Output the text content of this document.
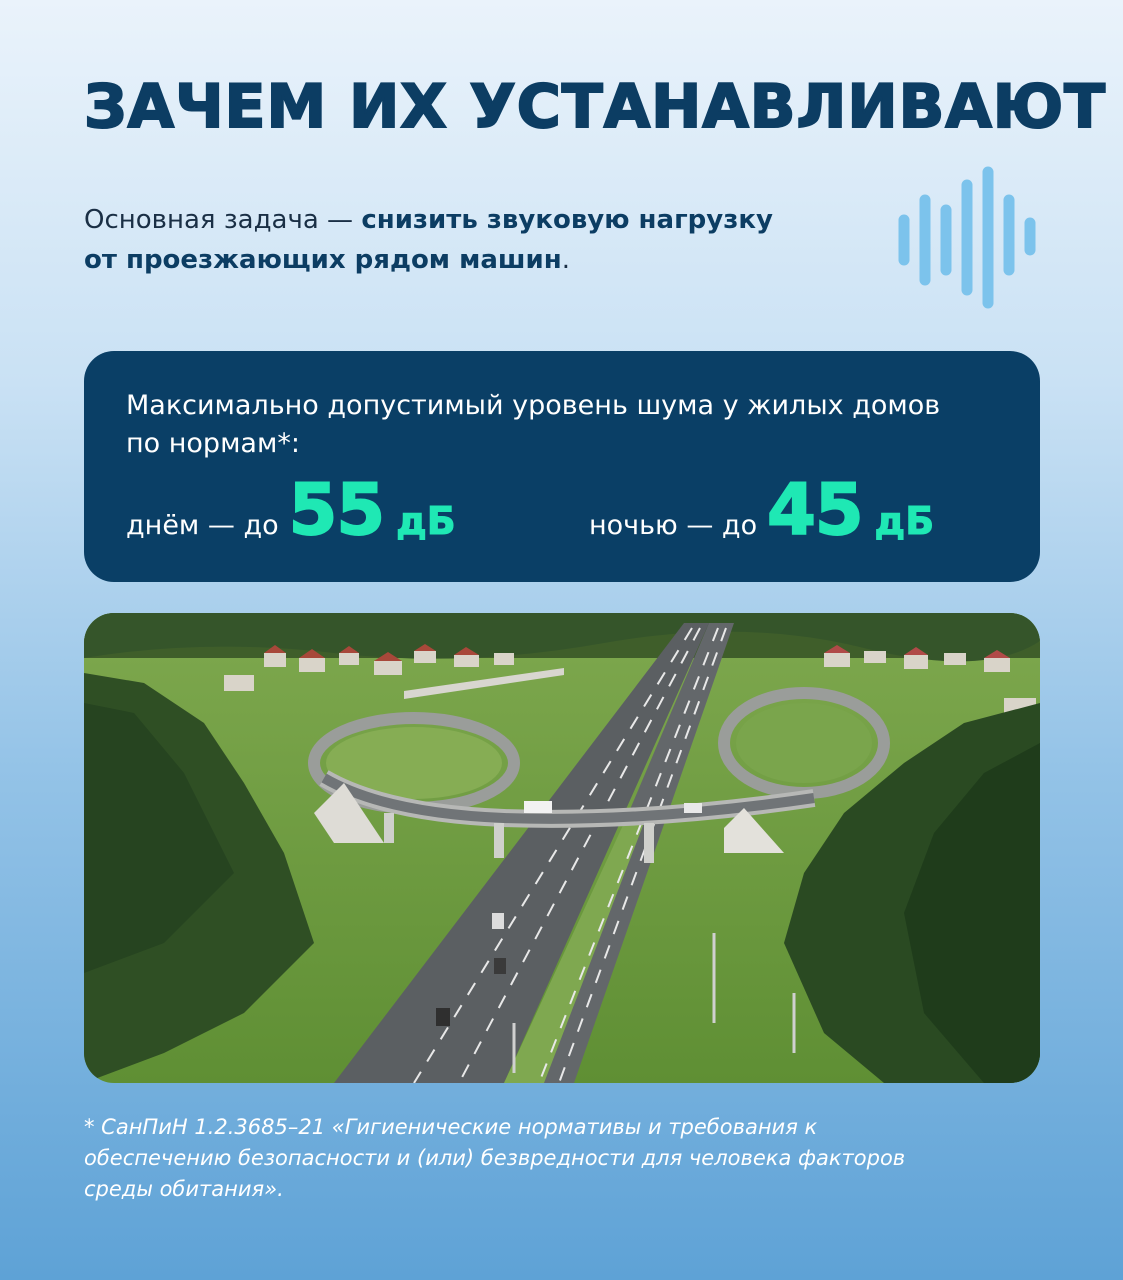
ЗАЧЕМ ИХ УСТАНАВЛИВАЮТ
Основная задача — снизить звуковую нагрузку
от проезжающих рядом машин.
Максимально допустимый уровень шума у жилых домов по нормам*:
днём — до 55 дБ	ночью — до 45 дБ
* СанПиН 1.2.3685–21 «Гигиенические нормативы и требования к обеспечению безопасности и (или) безвредности для человека факторов среды обитания».
